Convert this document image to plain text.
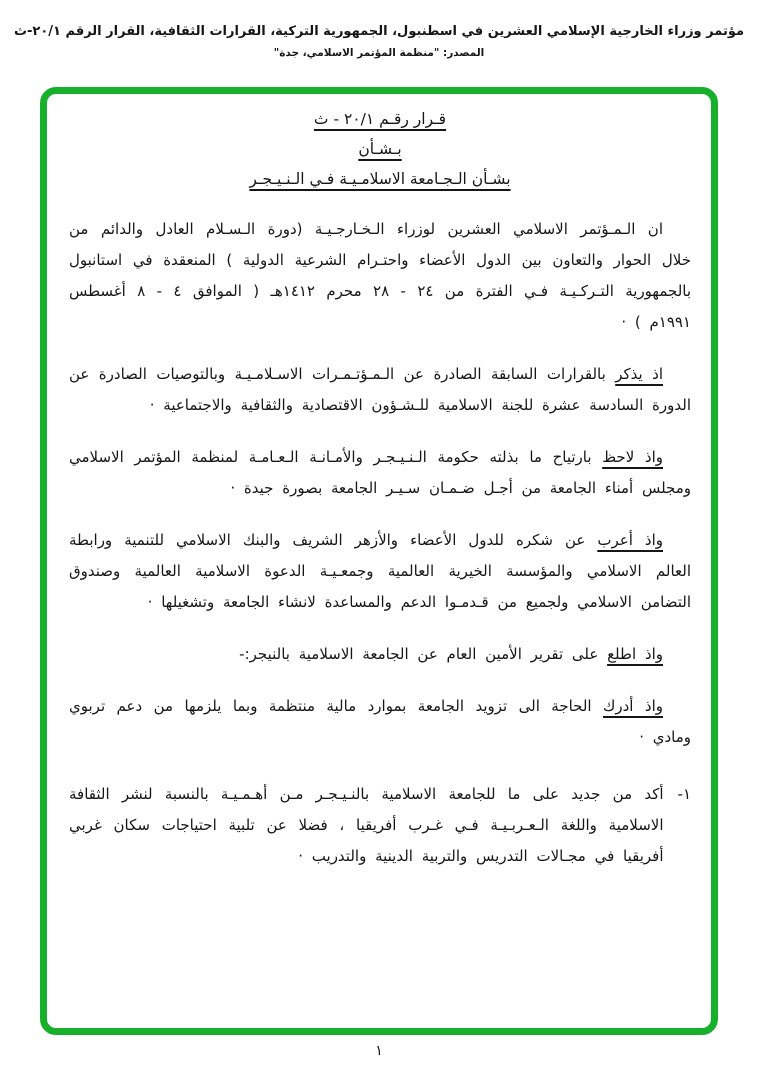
مؤتمر وزراء الخارجية الإسلامي العشرين في اسطنبول، الجمهورية التركية، القرارات الثقافية، القرار الرقم ٢٠/١-ث
المصدر: "منظمة المؤتمر الاسلامي، جدة"
قـرار رقـم ٢٠/١ - ث
بـشـأن
بشـأن الـجـامعة الاسلامـيـة فـي الـنـيـجـر

ان الـمـؤتمر الاسلامي العشرين لوزراء الـخـارجـيـة (دورة الـسـلام العادل والدائم من خلال الحوار والتعاون بين الدول الأعضاء واحتـرام الشرعية الدولية ) المنعقدة في استانبول بالجمهورية التـركـيـة فـي الفترة من ٢٤ - ٢٨ محرم ١٤١٢هـ ( الموافق ٤ - ٨ أغسطس ١٩٩١م ) ·

اذ يذكر بالقرارات السابقة الصادرة عن الـمـؤتـمـرات الاسـلامـيـة وبالتوصيات الصادرة عن الدورة السادسة عشرة للجنة الاسلامية للـشـؤون الاقتصادية والثقافية والاجتماعية ·

واذ لاحظ بارتياح ما بذلته حكومة الـنـيـجـر والأمـانـة الـعـامـة لمنظمة المؤتمر الاسلامي ومجلس أمناء الجامعة من أجـل ضـمـان سـيـر الجامعة بصورة جيدة ·

واذ أعرب عن شكره للدول الأعضاء والأزهر الشريف والبنك الاسلامي للتنمية ورابطة العالم الاسلامي والمؤسسة الخيرية العالمية وجمعـيـة الدعوة الاسلامية العالمية وصندوق التضامن الاسلامي ولجميع من قـدمـوا الدعم والمساعدة لانشاء الجامعة وتشغيلها ·

واذ اطلع على تقرير الأمين العام عن الجامعة الاسلامية بالنيجر:-

واذ أدرك الحاجة الى تزويد الجامعة بموارد مالية منتظمة وبما يلزمها من دعم تربوي ومادي ·

١-

أكد من جديد على ما للجامعة الاسلامية بالنـيـجـر مـن أهـمـيـة بالنسبة لنشر الثقافة الاسلامية واللغة الـعـربـيـة فـي غـرب أفريقيا ، فضلا عن تلبية احتياجات سكان غربي أفريقيا في مجـالات التدريس والتربية الدينية والتدريب ·

١
